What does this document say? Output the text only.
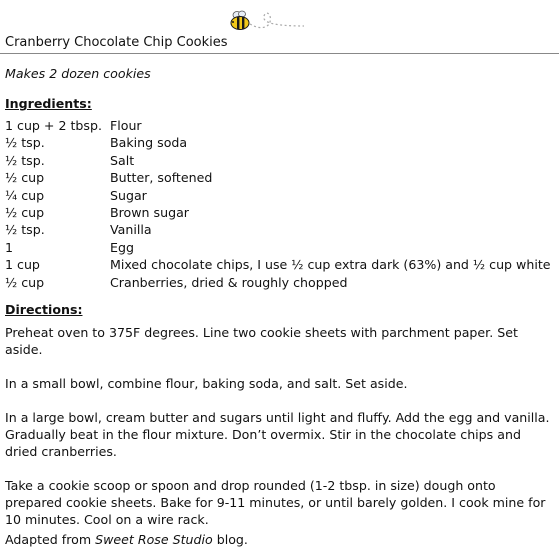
Cranberry Chocolate Chip Cookies
Makes 2 dozen cookies
Ingredients:
1 cup + 2 tbsp. Flour
½ tsp.	Baking soda
½ tsp.	Salt
½ cup	Butter, softened
¼ cup	Sugar
½ cup	Brown sugar
½ tsp.	Vanilla
1	Egg
1 cup	Mixed chocolate chips, I use ½ cup extra dark (63%) and ½ cup white
½ cup	Cranberries, dried & roughly chopped
Directions:

Preheat oven to 375F degrees. Line two cookie sheets with parchment paper. Set aside.

In a small bowl, combine flour, baking soda, and salt. Set aside.

In a large bowl, cream butter and sugars until light and fluffy. Add the egg and vanilla. Gradually beat in the flour mixture. Don’t overmix. Stir in the chocolate chips and dried cranberries.

Take a cookie scoop or spoon and drop rounded (1-2 tbsp. in size) dough onto prepared cookie sheets. Bake for 9-11 minutes, or until barely golden. I cook mine for 10 minutes. Cool on a wire rack.

Adapted from Sweet Rose Studio blog.
